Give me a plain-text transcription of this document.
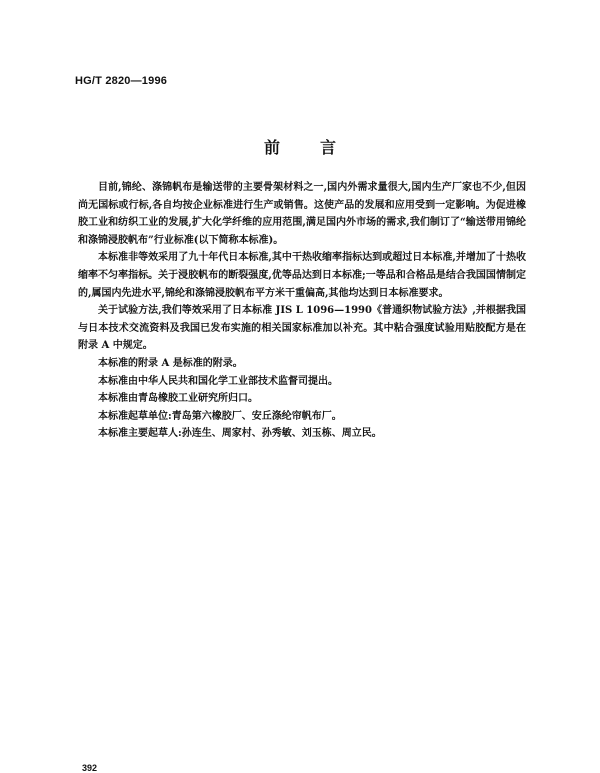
HG/T 2820—1996
前	言

目前,锦纶、涤锦帆布是输送带的主要骨架材料之一,国内外需求量很大,国内生产厂家也不少,但因尚无国标或行标,各自均按企业标准进行生产或销售。这使产品的发展和应用受到一定影响。为促进橡胶工业和纺织工业的发展,扩大化学纤维的应用范围,满足国内外市场的需求,我们制订了“输送带用锦纶和涤锦浸胶帆布”行业标准(以下简称本标准)。

本标准非等效采用了九十年代日本标准,其中干热收缩率指标达到或超过日本标准,并增加了十热收缩率不匀率指标。关于浸胶帆布的断裂强度,优等品达到日本标准;一等品和合格品是结合我国国情制定的,属国内先进水平,锦纶和涤锦浸胶帆布平方米干重偏高,其他均达到日本标准要求。

关于试验方法,我们等效采用了日本标准 JIS L 1096—1990《普通织物试验方法》,并根据我国与日本技术交流资料及我国已发布实施的相关国家标准加以补充。其中粘合强度试验用贴胶配方是在附录 A 中规定。

本标准的附录 A 是标准的附录。

本标准由中华人民共和国化学工业部技术监督司提出。

本标准由青岛橡胶工业研究所归口。

本标准起草单位:青岛第六橡胶厂、安丘涤纶帘帆布厂。

本标准主要起草人:孙连生、周家村、孙秀敏、刘玉栋、周立民。

392
